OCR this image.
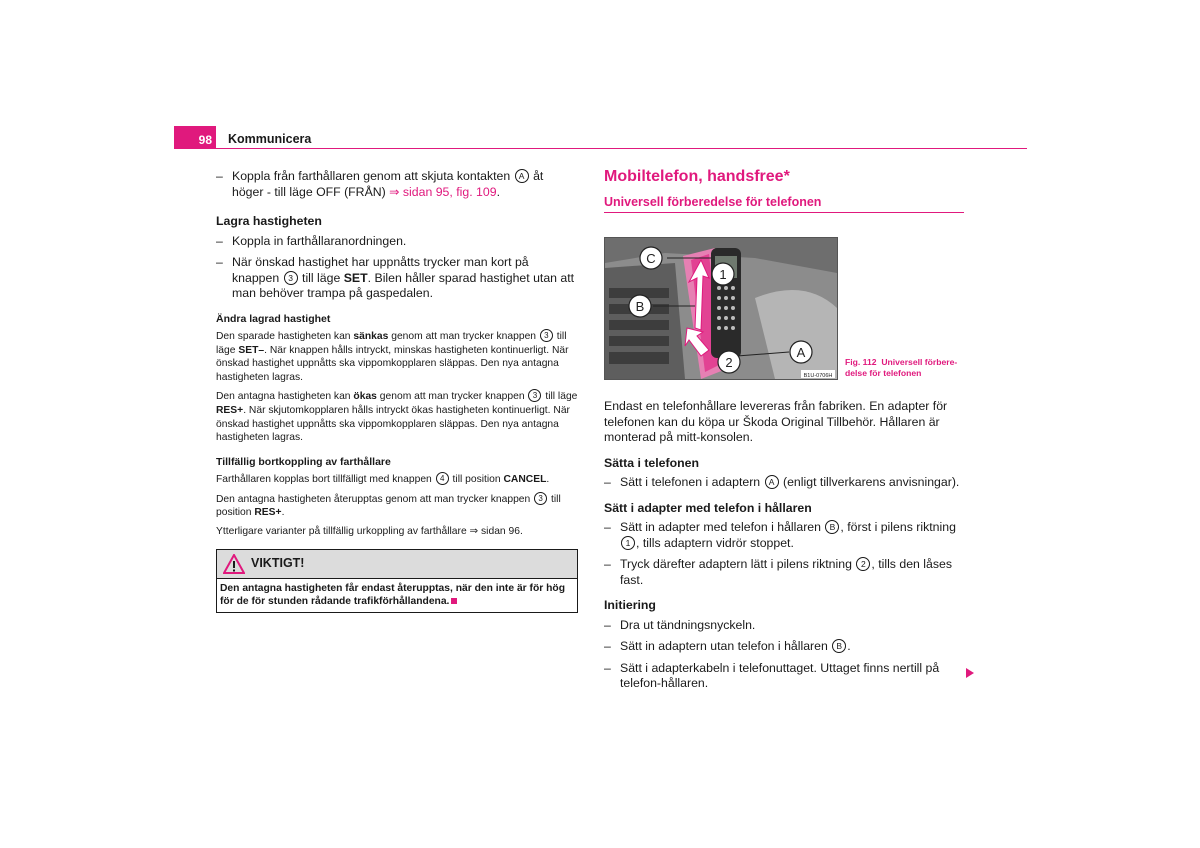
98	Kommunicera
– Koppla från farthållaren genom att skjuta kontakten A åt höger - till läge OFF (FRÅN) ⇒ sidan 95, fig. 109.
Lagra hastigheten
– Koppla in farthållaranordningen.
– När önskad hastighet har uppnåtts trycker man kort på knappen 3 till läge SET. Bilen håller sparad hastighet utan att man behöver trampa på gaspedalen.
Ändra lagrad hastighet
Den sparade hastigheten kan sänkas genom att man trycker knappen 3 till läge SET–. När knappen hålls intryckt, minskas hastigheten kontinuerligt. När önskad hastighet uppnåtts ska vippomkopplaren släppas. Den nya antagna hastigheten lagras.
Den antagna hastigheten kan ökas genom att man trycker knappen 3 till läge RES+. När skjutomkopplaren hålls intryckt ökas hastigheten kontinuerligt. När önskad hastighet uppnåtts ska vippomkopplaren släppas. Den nya antagna hastigheten lagras.
Tillfällig bortkoppling av farthållare
Farthållaren kopplas bort tillfälligt med knappen 4 till position CANCEL.
Den antagna hastigheten återupptas genom att man trycker knappen 3 till position RES+.
Ytterligare varianter på tillfällig urkoppling av farthållare ⇒ sidan 96.
VIKTIGT!
Den antagna hastigheten får endast återupptas, när den inte är för hög för de för stunden rådande trafikförhållandena.
Mobiltelefon, handsfree*
Universell förberedelse för telefonen
C
B
1
2
A
B1U-0706H
Fig. 112 Universell förbere-delse för telefonen
Endast en telefonhållare levereras från fabriken. En adapter för telefonen kan du köpa ur Škoda Original Tillbehör. Hållaren är monterad på mitt-konsolen.
Sätta i telefonen
– Sätt i telefonen i adaptern A (enligt tillverkarens anvisningar).
Sätt i adapter med telefon i hållaren
– Sätt in adapter med telefon i hållaren B , först i pilens riktning 1 , tills adaptern vidrör stoppet.
– Tryck därefter adaptern lätt i pilens riktning 2 , tills den låses fast.
Initiering
– Dra ut tändningsnyckeln.
– Sätt in adaptern utan telefon i hållaren B .
– Sätt i adapterkabeln i telefonuttaget. Uttaget finns nertill på telefon-hållaren.
